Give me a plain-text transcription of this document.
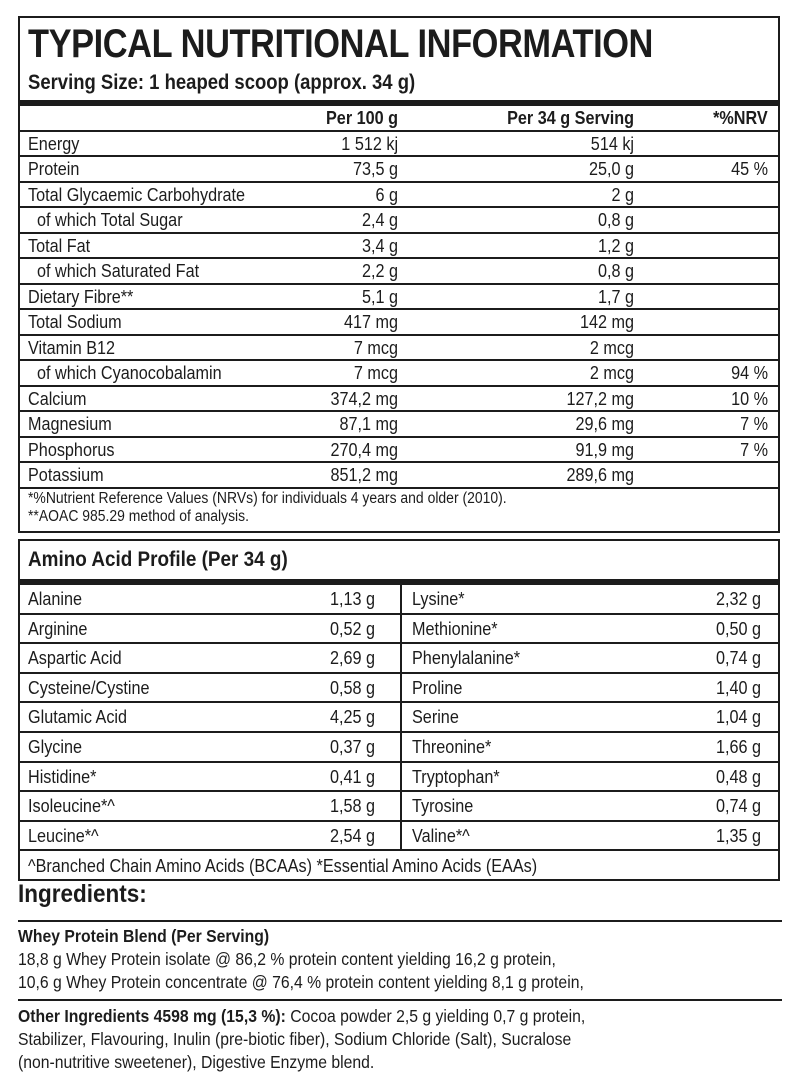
TYPICAL NUTRITIONAL INFORMATION
Serving Size: 1 heaped scoop (approx. 34 g)
Per 100 g	Per 34 g Serving	*%NRV
Energy	1 512 kj	514 kj
Protein	73,5 g	25,0 g	45 %
Total Glycaemic Carbohydrate	6 g	2 g
of which Total Sugar	2,4 g	0,8 g
Total Fat	3,4 g	1,2 g
of which Saturated Fat	2,2 g	0,8 g
Dietary Fibre**	5,1 g	1,7 g
Total Sodium	417 mg	142 mg
Vitamin B12	7 mcg	2 mcg
of which Cyanocobalamin	7 mcg	2 mcg	94 %
Calcium	374,2 mg	127,2 mg	10 %
Magnesium	87,1 mg	29,6 mg	7 %
Phosphorus	270,4 mg	91,9 mg	7 %
Potassium	851,2 mg	289,6 mg
*%Nutrient Reference Values (NRVs) for individuals 4 years and older (2010).
**AOAC 985.29 method of analysis.
Amino Acid Profile (Per 34 g)
Alanine	1,13 g Lysine*	2,32 g
Arginine	0,52 g Methionine*	0,50 g
Aspartic Acid	2,69 g Phenylalanine*	0,74 g
Cysteine/Cystine	0,58 g Proline	1,40 g
Glutamic Acid	4,25 g Serine	1,04 g
Glycine	0,37 g Threonine*	1,66 g
Histidine*	0,41 g Tryptophan*	0,48 g
Isoleucine*^	1,58 g Tyrosine	0,74 g
Leucine*^	2,54 g Valine*^	1,35 g
^Branched Chain Amino Acids (BCAAs) *Essential Amino Acids (EAAs)
Ingredients:
Whey Protein Blend (Per Serving)
18,8 g Whey Protein isolate @ 86,2 % protein content yielding 16,2 g protein,
10,6 g Whey Protein concentrate @ 76,4 % protein content yielding 8,1 g protein,
Other Ingredients 4598 mg (15,3 %): Cocoa powder 2,5 g yielding 0,7 g protein,
Stabilizer, Flavouring, Inulin (pre-biotic fiber), Sodium Chloride (Salt), Sucralose
(non-nutritive sweetener), Digestive Enzyme blend.
